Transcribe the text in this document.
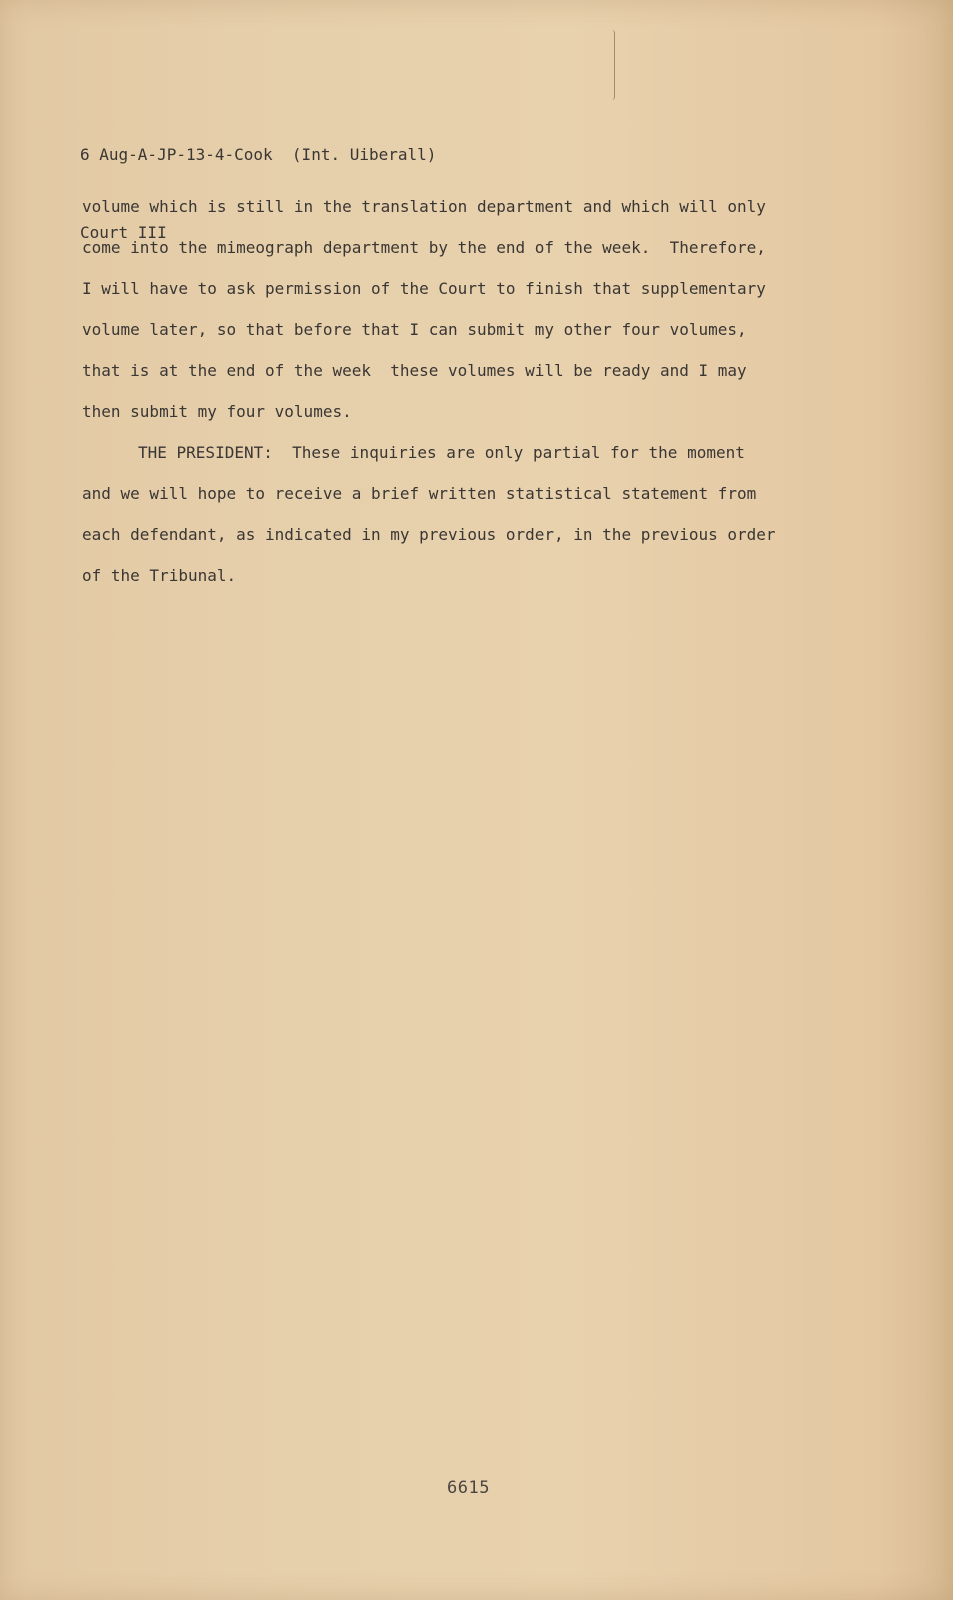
6 Aug-A-JP-13-4-Cook  (Int. Uiberall)

Court III

volume which is still in the translation department and which will only
come into the mimeograph department by the end of the week.  Therefore,
I will have to ask permission of the Court to finish that supplementary
volume later, so that before that I can submit my other four volumes,
that is at the end of the week  these volumes will be ready and I may
then submit my four volumes.
THE PRESIDENT:  These inquiries are only partial for the moment
and we will hope to receive a brief written statistical statement from
each defendant, as indicated in my previous order, in the previous order
of the Tribunal.
6615
